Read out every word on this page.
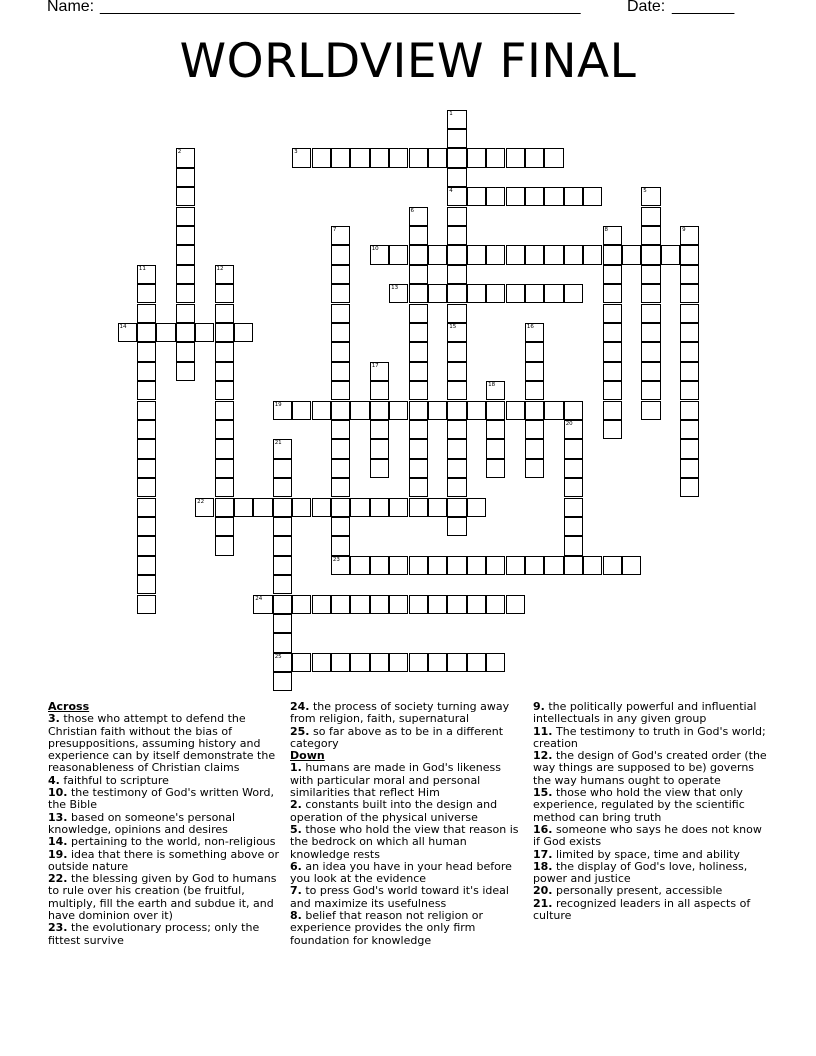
Name: ______________________________________________________	Date: _______
WORLDVIEW FINAL
3
4
10
13
14
19
22
23
24
25
1
15
2
5
6
7	8	9
11	12
16
17
18
20
21

Across

3. those who attempt to defend the Christian faith without the bias of presuppositions, assuming history and experience can by itself demonstrate the reasonableness of Christian claims

4. faithful to scripture

10. the testimony of God's written Word, the Bible

13. based on someone's personal knowledge, opinions and desires

14. pertaining to the world, non-religious

19. idea that there is something above or outside nature

22. the blessing given by God to humans to rule over his creation (be fruitful, multiply, fill the earth and subdue it, and have dominion over it)

23. the evolutionary process; only the fittest survive

24. the process of society turning away from religion, faith, supernatural

25. so far above as to be in a different category

Down

1. humans are made in God's likeness with particular moral and personal similarities that reflect Him

2. constants built into the design and operation of the physical universe

5. those who hold the view that reason is the bedrock on which all human knowledge rests

6. an idea you have in your head before you look at the evidence

7. to press God's world toward it's ideal and maximize its usefulness

8. belief that reason not religion or experience provides the only firm foundation for knowledge

9. the politically powerful and influential intellectuals in any given group

11. The testimony to truth in God's world; creation

12. the design of God's created order (the way things are supposed to be) governs the way humans ought to operate

15. those who hold the view that only experience, regulated by the scientific method can bring truth

16. someone who says he does not know if God exists

17. limited by space, time and ability

18. the display of God's love, holiness, power and justice

20. personally present, accessible

21. recognized leaders in all aspects of culture
